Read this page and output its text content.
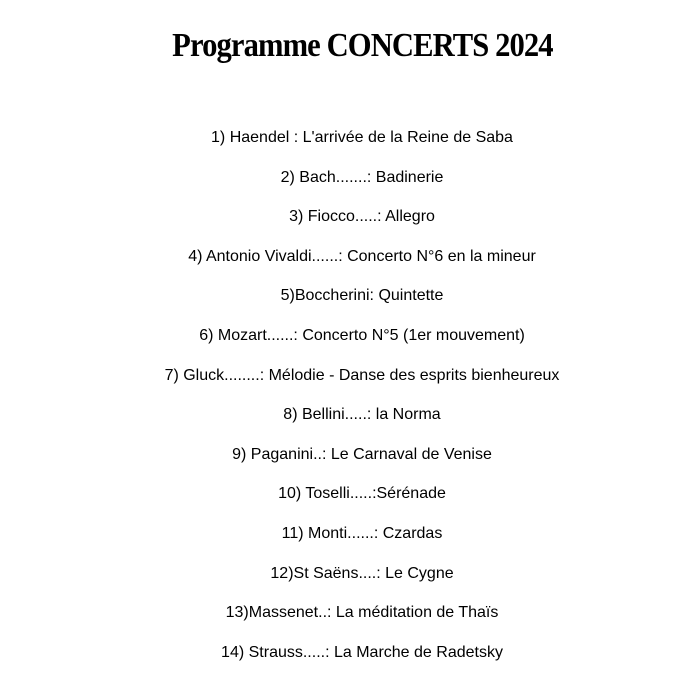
Programme CONCERTS 2024
1) Haendel : L'arrivée de la Reine de Saba
2) Bach.......: Badinerie
3) Fiocco.....: Allegro
4) Antonio Vivaldi......: Concerto N°6 en la mineur
5)Boccherini: Quintette
6) Mozart......: Concerto N°5 (1er mouvement)
7) Gluck........: Mélodie - Danse des esprits bienheureux
8) Bellini.....: la Norma
9) Paganini..: Le Carnaval de Venise
10) Toselli.....:Sérénade
11) Monti......: Czardas
12)St Saëns....: Le Cygne
13)Massenet..: La méditation de Thaïs
14) Strauss.....: La Marche de Radetsky
